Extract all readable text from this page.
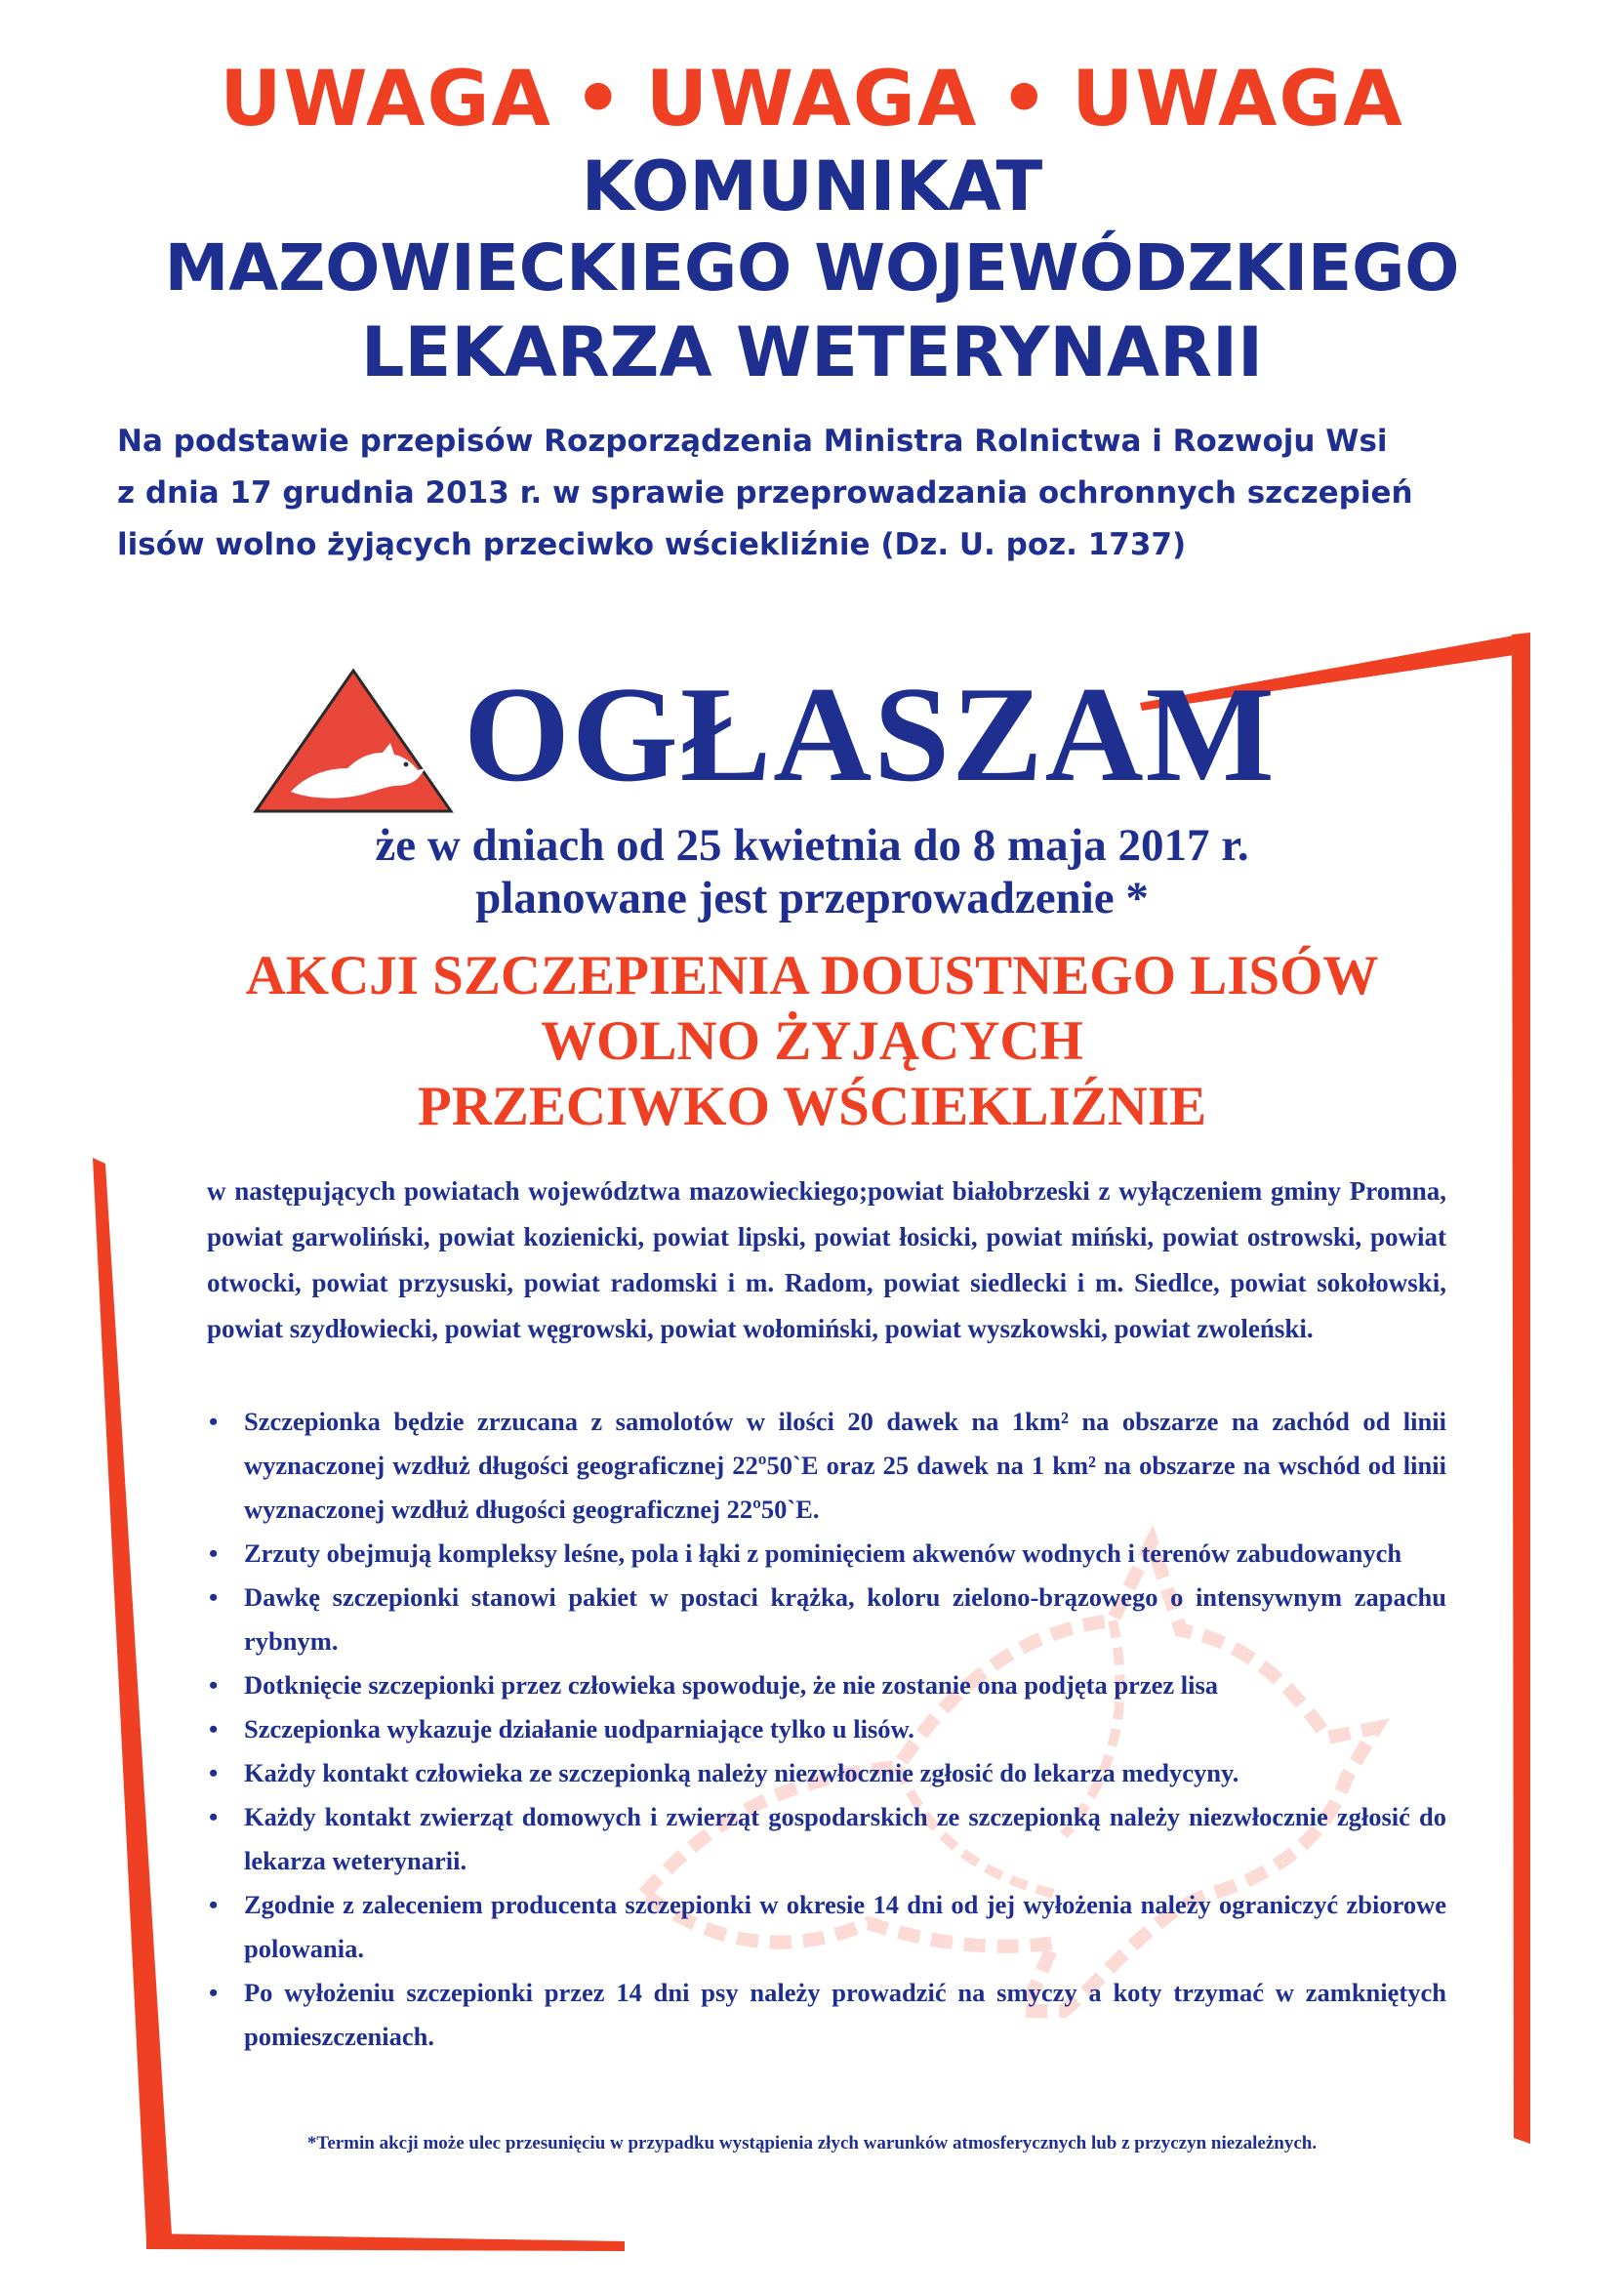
UWAGA • UWAGA • UWAGA
KOMUNIKAT
MAZOWIECKIEGO WOJEWÓDZKIEGO
LEKARZA WETERYNARII
Na podstawie przepisów Rozporządzenia Ministra Rolnictwa i Rozwoju Wsi
z dnia 17 grudnia 2013 r. w sprawie przeprowadzania ochronnych szczepień
lisów wolno żyjących przeciwko wściekliźnie (Dz. U. poz. 1737)
OGŁASZAM
że w dniach od 25 kwietnia do 8 maja 2017 r.
planowane jest przeprowadzenie *
AKCJI SZCZEPIENIA DOUSTNEGO LISÓW
WOLNO ŻYJĄCYCH
PRZECIWKO WŚCIEKLIŹNIE
w następujących powiatach województwa mazowieckiego;powiat białobrzeski z wyłączeniem gminy Promna, powiat garwoliński, powiat kozienicki, powiat lipski, powiat łosicki, powiat miński, powiat ostrowski, powiat otwocki, powiat przysuski, powiat radomski i m. Radom, powiat siedlecki i m. Siedlce, powiat sokołowski, powiat szydłowiecki, powiat węgrowski, powiat wołomiński, powiat wyszkowski, powiat zwoleński.
• Szczepionka będzie zrzucana z samolotów w ilości 20 dawek na 1km² na obszarze na zachód od linii wyznaczonej wzdłuż długości geograficznej 22º50`E oraz 25 dawek na 1 km² na obszarze na wschód od linii wyznaczonej wzdłuż długości geograficznej 22º50`E.
• Zrzuty obejmują kompleksy leśne, pola i łąki z pominięciem akwenów wodnych i terenów zabudowanych
• Dawkę szczepionki stanowi pakiet w postaci krążka, koloru zielono-brązowego o intensywnym zapachu rybnym.
• Dotknięcie szczepionki przez człowieka spowoduje, że nie zostanie ona podjęta przez lisa
• Szczepionka wykazuje działanie uodparniające tylko u lisów.
• Każdy kontakt człowieka ze szczepionką należy niezwłocznie zgłosić do lekarza medycyny.
• Każdy kontakt zwierząt domowych i zwierząt gospodarskich ze szczepionką należy niezwłocznie zgłosić do lekarza weterynarii.
• Zgodnie z zaleceniem producenta szczepionki w okresie 14 dni od jej wyłożenia należy ograniczyć zbiorowe polowania.
• Po wyłożeniu szczepionki przez 14 dni psy należy prowadzić na smyczy a koty trzymać w zamkniętych pomieszczeniach.
*Termin akcji może ulec przesunięciu w przypadku wystąpienia złych warunków atmosferycznych lub z przyczyn niezależnych.
